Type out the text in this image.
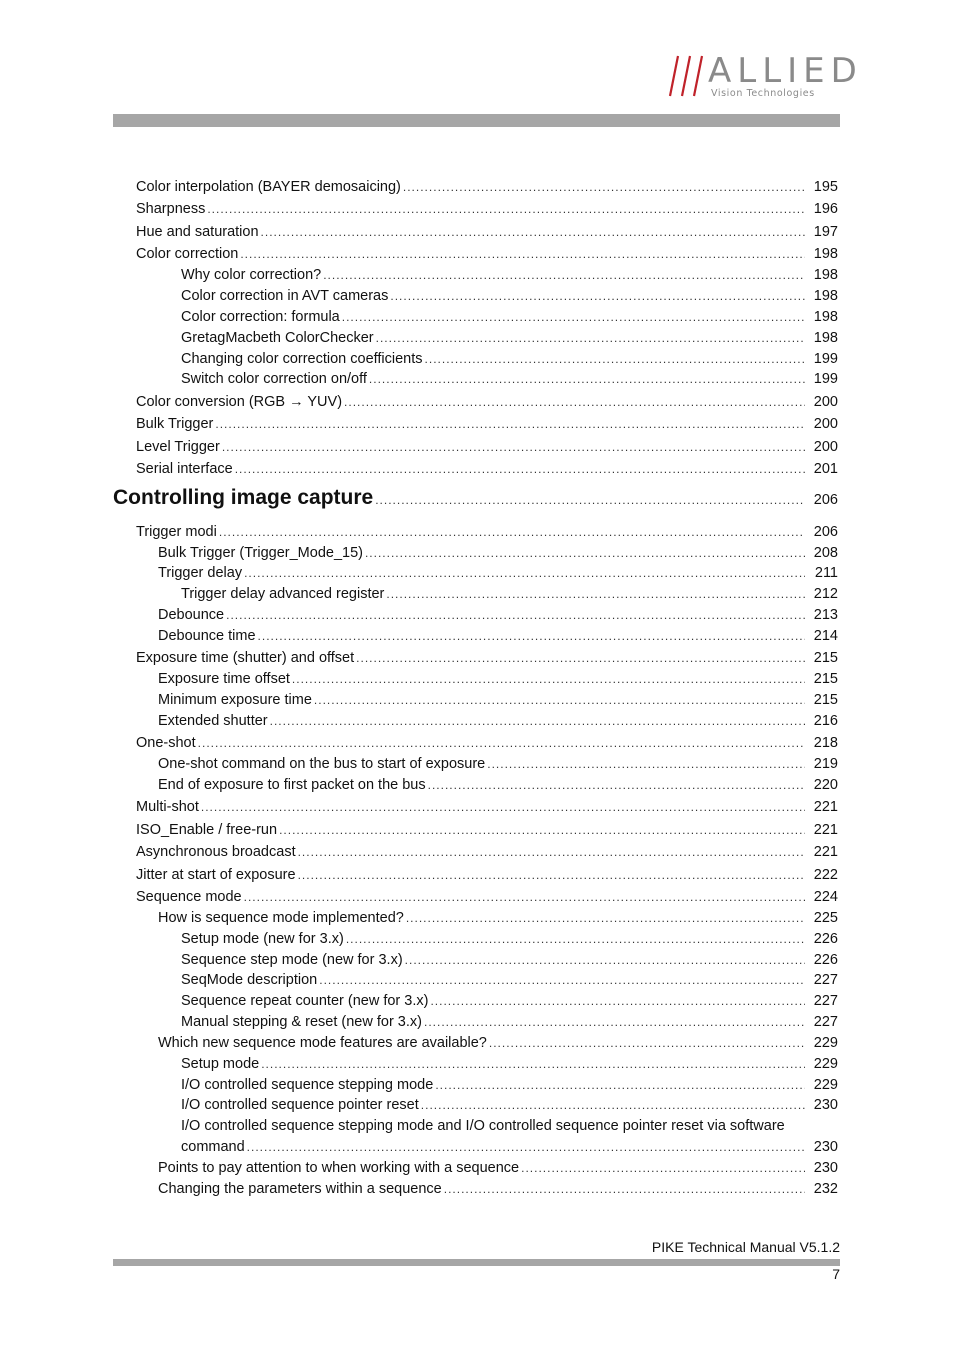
ALLIED
Vision Technologies
Color interpolation (BAYER demosaicing) .....	195
Sharpness .....	196
Hue and saturation .....	197
Color correction .....	198
Why color correction? .....	198
Color correction in AVT cameras .....	198
Color correction: formula .....	198
GretagMacbeth ColorChecker .....	198
Changing color correction coefficients .....	199
Switch color correction on/off .....	199
Color conversion (RGB → YUV) .....	200
Bulk Trigger .....	200
Level Trigger .....	200
Serial interface .....	201
Controlling image capture .....	206
Trigger modi .....	206
Bulk Trigger (Trigger_Mode_15) .....	208
Trigger delay .....	211
Trigger delay advanced register .....	212
Debounce .....	213
Debounce time .....	214
Exposure time (shutter) and offset .....	215
Exposure time offset .....	215
Minimum exposure time .....	215
Extended shutter .....	216
One-shot .....	218
One-shot command on the bus to start of exposure .....	219
End of exposure to first packet on the bus .....	220
Multi-shot .....	221
ISO_Enable / free-run .....	221
Asynchronous broadcast .....	221
Jitter at start of exposure .....	222
Sequence mode .....	224
How is sequence mode implemented? .....	225
Setup mode (new for 3.x) .....	226
Sequence step mode (new for 3.x) .....	226
SeqMode description .....	227
Sequence repeat counter (new for 3.x) .....	227
Manual stepping & reset (new for 3.x) .....	227
Which new sequence mode features are available? .....	229
Setup mode .....	229
I/O controlled sequence stepping mode .....	229
I/O controlled sequence pointer reset .....	230
I/O controlled sequence stepping mode and I/O controlled sequence pointer reset via software
command .....	230
Points to pay attention to when working with a sequence .....	230
Changing the parameters within a sequence .....	232
PIKE Technical Manual V5.1.2
7
